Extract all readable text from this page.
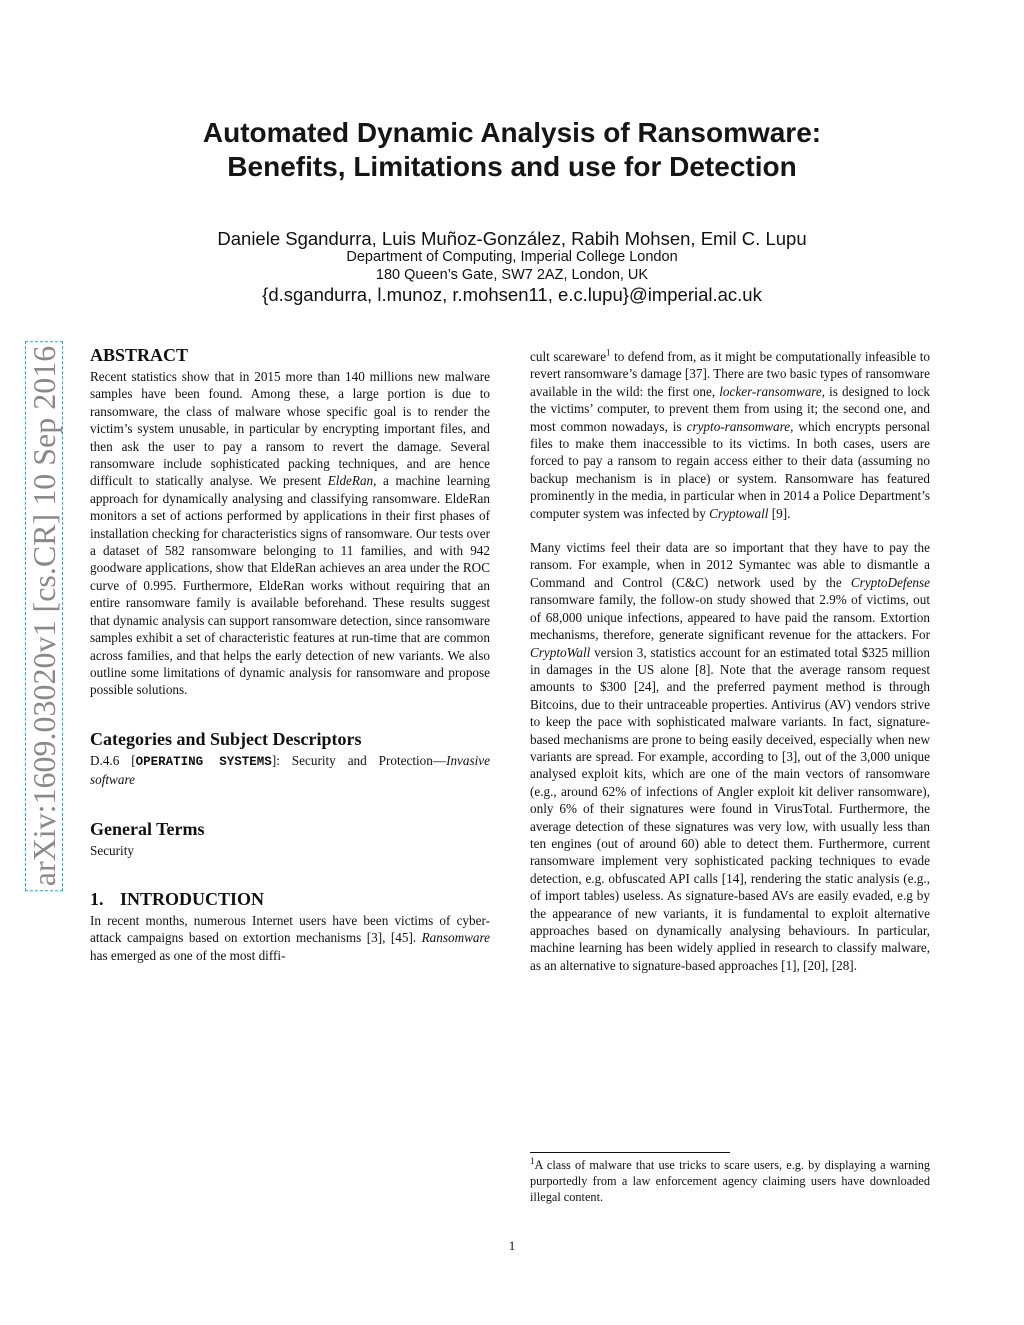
arXiv:1609.03020v1 [cs.CR] 10 Sep 2016
Automated Dynamic Analysis of Ransomware:
Benefits, Limitations and use for Detection
Daniele Sgandurra, Luis Muñoz-González, Rabih Mohsen, Emil C. Lupu
Department of Computing, Imperial College London
180 Queen’s Gate, SW7 2AZ, London, UK
{d.sgandurra, l.munoz, r.mohsen11, e.c.lupu}@imperial.ac.uk
ABSTRACT

Recent statistics show that in 2015 more than 140 millions new malware samples have been found. Among these, a large portion is due to ransomware, the class of malware whose specific goal is to render the victim’s system unusable, in particular by encrypting important files, and then ask the user to pay a ransom to revert the damage. Several ransomware include sophisticated packing techniques, and are hence difficult to statically analyse. We present EldeRan, a machine learning approach for dynamically analysing and classifying ransomware. EldeRan monitors a set of actions performed by applications in their first phases of installation checking for characteristics signs of ransomware. Our tests over a dataset of 582 ransomware belonging to 11 families, and with 942 goodware applications, show that EldeRan achieves an area under the ROC curve of 0.995. Furthermore, EldeRan works without requiring that an entire ransomware family is available beforehand. These results suggest that dynamic analysis can support ransomware detection, since ransomware samples exhibit a set of characteristic features at run-time that are common across families, and that helps the early detection of new variants. We also outline some limitations of dynamic analysis for ransomware and propose possible solutions.

Categories and Subject Descriptors

D.4.6 [OPERATING SYSTEMS]: Security and Protection—Invasive software

General Terms

Security

1. INTRODUCTION

In recent months, numerous Internet users have been victims of cyber-attack campaigns based on extortion mechanisms [3], [45]. Ransomware has emerged as one of the most diffi-

cult scareware$^1$ to defend from, as it might be computationally infeasible to revert ransomware’s damage [37]. There are two basic types of ransomware available in the wild: the first one, locker-ransomware, is designed to lock the victims’ computer, to prevent them from using it; the second one, and most common nowadays, is crypto-ransomware, which encrypts personal files to make them inaccessible to its victims. In both cases, users are forced to pay a ransom to regain access either to their data (assuming no backup mechanism is in place) or system. Ransomware has featured prominently in the media, in particular when in 2014 a Police Department’s computer system was infected by Cryptowall [9].

Many victims feel their data are so important that they have to pay the ransom. For example, when in 2012 Symantec was able to dismantle a Command and Control (C&C) network used by the CryptoDefense ransomware family, the follow-on study showed that 2.9% of victims, out of 68,000 unique infections, appeared to have paid the ransom. Extortion mechanisms, therefore, generate significant revenue for the attackers. For CryptoWall version 3, statistics account for an estimated total $325 million in damages in the US alone [8]. Note that the average ransom request amounts to $300 [24], and the preferred payment method is through Bitcoins, due to their untraceable properties. Antivirus (AV) vendors strive to keep the pace with sophisticated malware variants. In fact, signature-based mechanisms are prone to being easily deceived, especially when new variants are spread. For example, according to [3], out of the 3,000 unique analysed exploit kits, which are one of the main vectors of ransomware (e.g., around 62% of infections of Angler exploit kit deliver ransomware), only 6% of their signatures were found in VirusTotal. Furthermore, the average detection of these signatures was very low, with usually less than ten engines (out of around 60) able to detect them. Furthermore, current ransomware implement very sophisticated packing techniques to evade detection, e.g. obfuscated API calls [14], rendering the static analysis (e.g., of import tables) useless. As signature-based AVs are easily evaded, e.g by the appearance of new variants, it is fundamental to exploit alternative approaches based on dynamically analysing behaviours. In particular, machine learning has been widely applied in research to classify malware, as an alternative to signature-based approaches [1], [20], [28].

$^1$A class of malware that use tricks to scare users, e.g. by displaying a warning purportedly from a law enforcement agency claiming users have downloaded illegal content.
1
